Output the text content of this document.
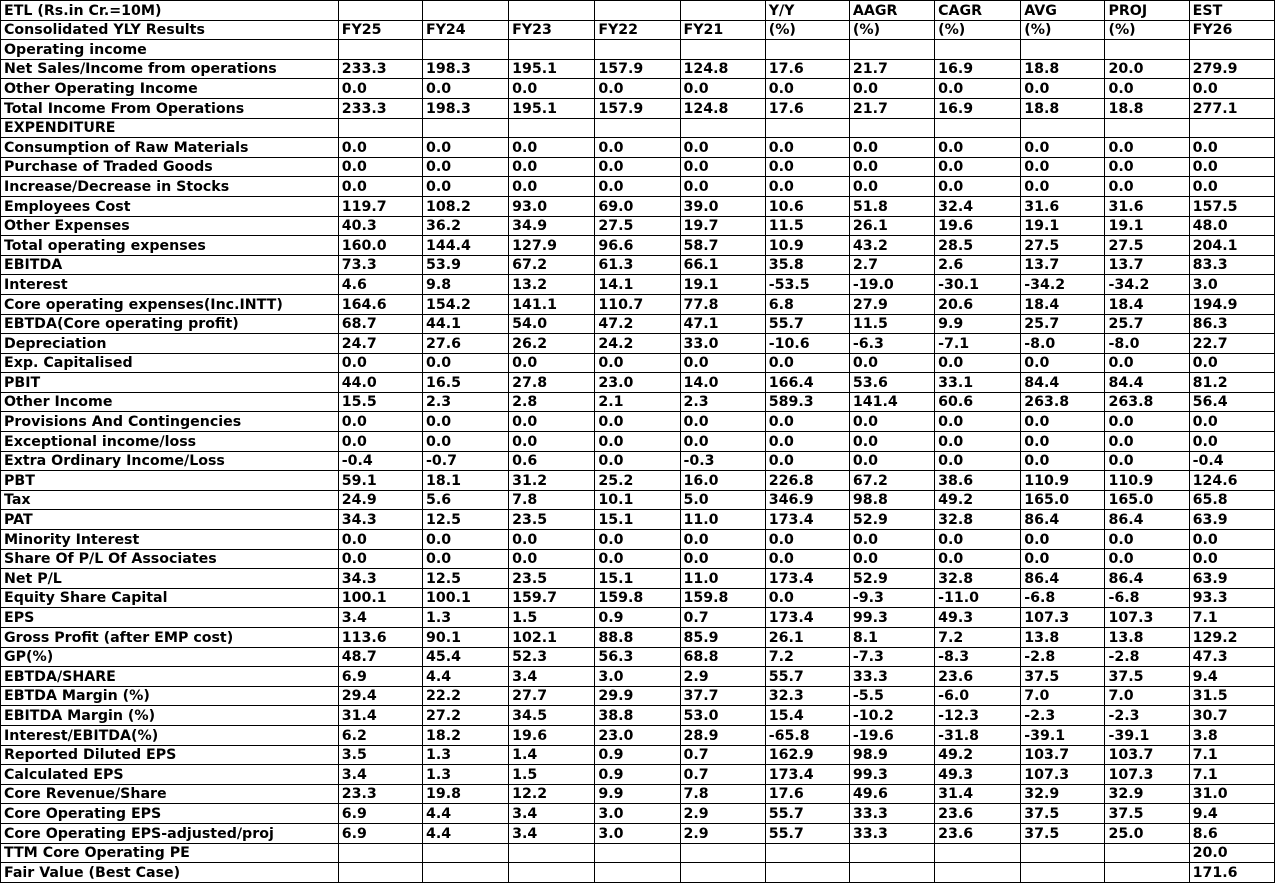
ETL (Rs.in Cr.=10M)						Y/Y	AAGR	CAGR	AVG	PROJ	EST
Consolidated YLY Results	FY25	FY24	FY23	FY22	FY21	(%)	(%)	(%)	(%)	(%)	FY26
Operating income											
Net Sales/Income from operations	233.3	198.3	195.1	157.9	124.8	17.6	21.7	16.9	18.8	20.0	279.9
Other Operating Income	0.0	0.0	0.0	0.0	0.0	0.0	0.0	0.0	0.0	0.0	0.0
Total Income From Operations	233.3	198.3	195.1	157.9	124.8	17.6	21.7	16.9	18.8	18.8	277.1
EXPENDITURE											
Consumption of Raw Materials	0.0	0.0	0.0	0.0	0.0	0.0	0.0	0.0	0.0	0.0	0.0
Purchase of Traded Goods	0.0	0.0	0.0	0.0	0.0	0.0	0.0	0.0	0.0	0.0	0.0
Increase/Decrease in Stocks	0.0	0.0	0.0	0.0	0.0	0.0	0.0	0.0	0.0	0.0	0.0
Employees Cost	119.7	108.2	93.0	69.0	39.0	10.6	51.8	32.4	31.6	31.6	157.5
Other Expenses	40.3	36.2	34.9	27.5	19.7	11.5	26.1	19.6	19.1	19.1	48.0
Total operating expenses	160.0	144.4	127.9	96.6	58.7	10.9	43.2	28.5	27.5	27.5	204.1
EBITDA	73.3	53.9	67.2	61.3	66.1	35.8	2.7	2.6	13.7	13.7	83.3
Interest	4.6	9.8	13.2	14.1	19.1	-53.5	-19.0	-30.1	-34.2	-34.2	3.0
Core operating expenses(Inc.INTT)	164.6	154.2	141.1	110.7	77.8	6.8	27.9	20.6	18.4	18.4	194.9
EBTDA(Core operating profit)	68.7	44.1	54.0	47.2	47.1	55.7	11.5	9.9	25.7	25.7	86.3
Depreciation	24.7	27.6	26.2	24.2	33.0	-10.6	-6.3	-7.1	-8.0	-8.0	22.7
Exp. Capitalised	0.0	0.0	0.0	0.0	0.0	0.0	0.0	0.0	0.0	0.0	0.0
PBIT	44.0	16.5	27.8	23.0	14.0	166.4	53.6	33.1	84.4	84.4	81.2
Other Income	15.5	2.3	2.8	2.1	2.3	589.3	141.4	60.6	263.8	263.8	56.4
Provisions And Contingencies	0.0	0.0	0.0	0.0	0.0	0.0	0.0	0.0	0.0	0.0	0.0
Exceptional income/loss	0.0	0.0	0.0	0.0	0.0	0.0	0.0	0.0	0.0	0.0	0.0
Extra Ordinary Income/Loss	-0.4	-0.7	0.6	0.0	-0.3	0.0	0.0	0.0	0.0	0.0	-0.4
PBT	59.1	18.1	31.2	25.2	16.0	226.8	67.2	38.6	110.9	110.9	124.6
Tax	24.9	5.6	7.8	10.1	5.0	346.9	98.8	49.2	165.0	165.0	65.8
PAT	34.3	12.5	23.5	15.1	11.0	173.4	52.9	32.8	86.4	86.4	63.9
Minority Interest	0.0	0.0	0.0	0.0	0.0	0.0	0.0	0.0	0.0	0.0	0.0
Share Of P/L Of Associates	0.0	0.0	0.0	0.0	0.0	0.0	0.0	0.0	0.0	0.0	0.0
Net P/L	34.3	12.5	23.5	15.1	11.0	173.4	52.9	32.8	86.4	86.4	63.9
Equity Share Capital	100.1	100.1	159.7	159.8	159.8	0.0	-9.3	-11.0	-6.8	-6.8	93.3
EPS	3.4	1.3	1.5	0.9	0.7	173.4	99.3	49.3	107.3	107.3	7.1
Gross Profit (after EMP cost)	113.6	90.1	102.1	88.8	85.9	26.1	8.1	7.2	13.8	13.8	129.2
GP(%)	48.7	45.4	52.3	56.3	68.8	7.2	-7.3	-8.3	-2.8	-2.8	47.3
EBTDA/SHARE	6.9	4.4	3.4	3.0	2.9	55.7	33.3	23.6	37.5	37.5	9.4
EBTDA Margin (%)	29.4	22.2	27.7	29.9	37.7	32.3	-5.5	-6.0	7.0	7.0	31.5
EBITDA Margin (%)	31.4	27.2	34.5	38.8	53.0	15.4	-10.2	-12.3	-2.3	-2.3	30.7
Interest/EBITDA(%)	6.2	18.2	19.6	23.0	28.9	-65.8	-19.6	-31.8	-39.1	-39.1	3.8
Reported Diluted EPS	3.5	1.3	1.4	0.9	0.7	162.9	98.9	49.2	103.7	103.7	7.1
Calculated EPS	3.4	1.3	1.5	0.9	0.7	173.4	99.3	49.3	107.3	107.3	7.1
Core Revenue/Share	23.3	19.8	12.2	9.9	7.8	17.6	49.6	31.4	32.9	32.9	31.0
Core Operating EPS	6.9	4.4	3.4	3.0	2.9	55.7	33.3	23.6	37.5	37.5	9.4
Core Operating EPS-adjusted/proj	6.9	4.4	3.4	3.0	2.9	55.7	33.3	23.6	37.5	25.0	8.6
TTM Core Operating PE											20.0
Fair Value (Best Case)											171.6
